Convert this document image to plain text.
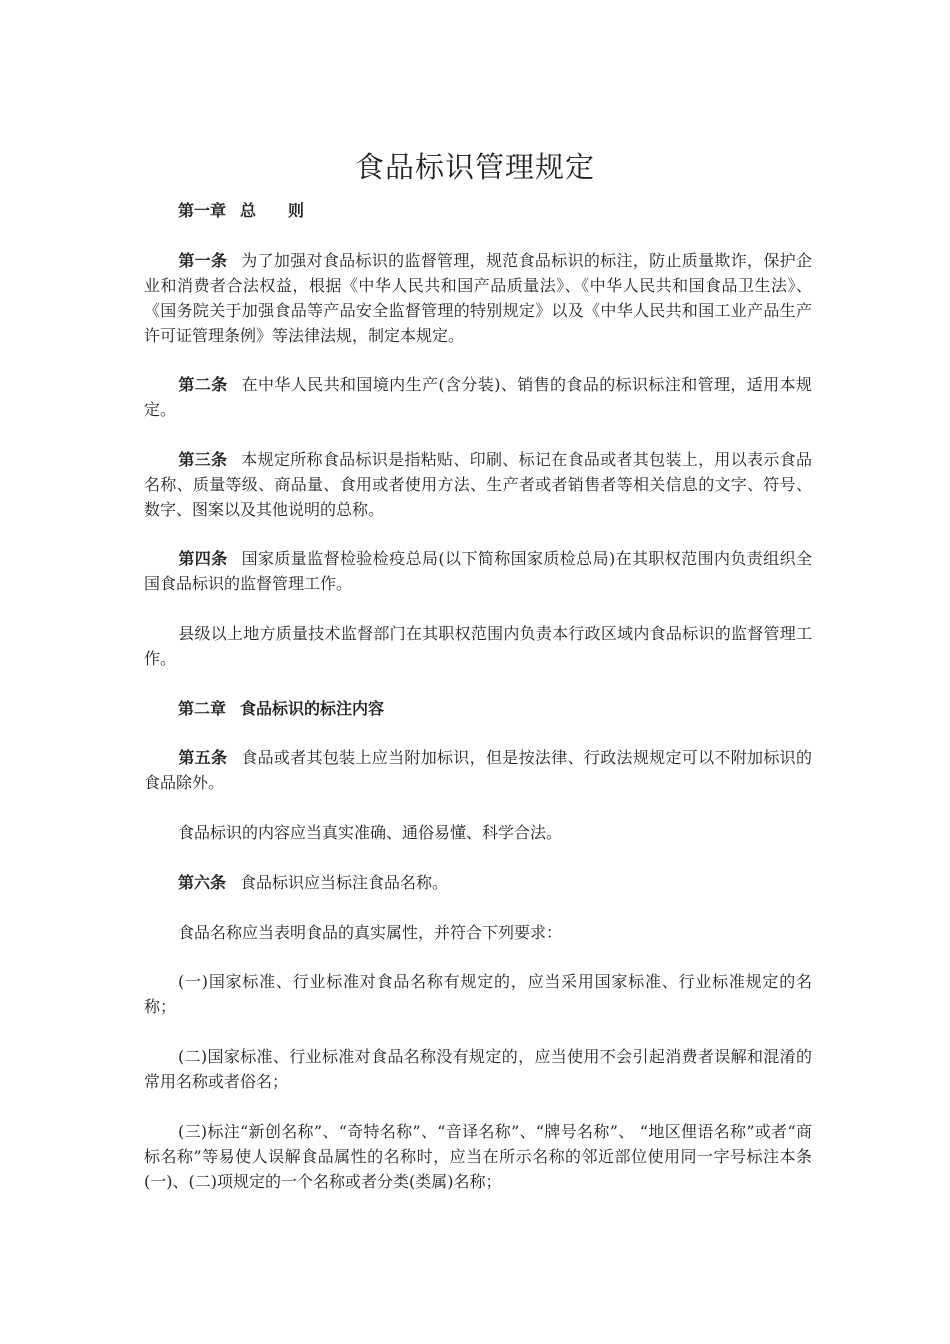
食品标识管理规定
第一章 总 则
第一条 为了加强对食品标识的监督管理，规范食品标识的标注，防止质量欺诈，保护企业和消费者合法权益，根据《中华人民共和国产品质量法》、《中华人民共和国食品卫生法》、《国务院关于加强食品等产品安全监督管理的特别规定》以及《中华人民共和国工业产品生产许可证管理条例》等法律法规，制定本规定。
第二条 在中华人民共和国境内生产(含分装)、销售的食品的标识标注和管理，适用本规定。
第三条 本规定所称食品标识是指粘贴、印刷、标记在食品或者其包装上，用以表示食品名称、质量等级、商品量、食用或者使用方法、生产者或者销售者等相关信息的文字、符号、数字、图案以及其他说明的总称。
第四条 国家质量监督检验检疫总局(以下简称国家质检总局)在其职权范围内负责组织全国食品标识的监督管理工作。
县级以上地方质量技术监督部门在其职权范围内负责本行政区域内食品标识的监督管理工作。
第二章 食品标识的标注内容
第五条 食品或者其包装上应当附加标识，但是按法律、行政法规规定可以不附加标识的食品除外。
食品标识的内容应当真实准确、通俗易懂、科学合法。
第六条 食品标识应当标注食品名称。
食品名称应当表明食品的真实属性，并符合下列要求：
(一)国家标准、行业标准对食品名称有规定的，应当采用国家标准、行业标准规定的名称；
(二)国家标准、行业标准对食品名称没有规定的，应当使用不会引起消费者误解和混淆的常用名称或者俗名；
(三)标注“新创名称”、“奇特名称”、“音译名称”、“牌号名称”、 “地区俚语名称”或者“商标名称”等易使人误解食品属性的名称时，应当在所示名称的邻近部位使用同一字号标注本条(一)、(二)项规定的一个名称或者分类(类属)名称；
